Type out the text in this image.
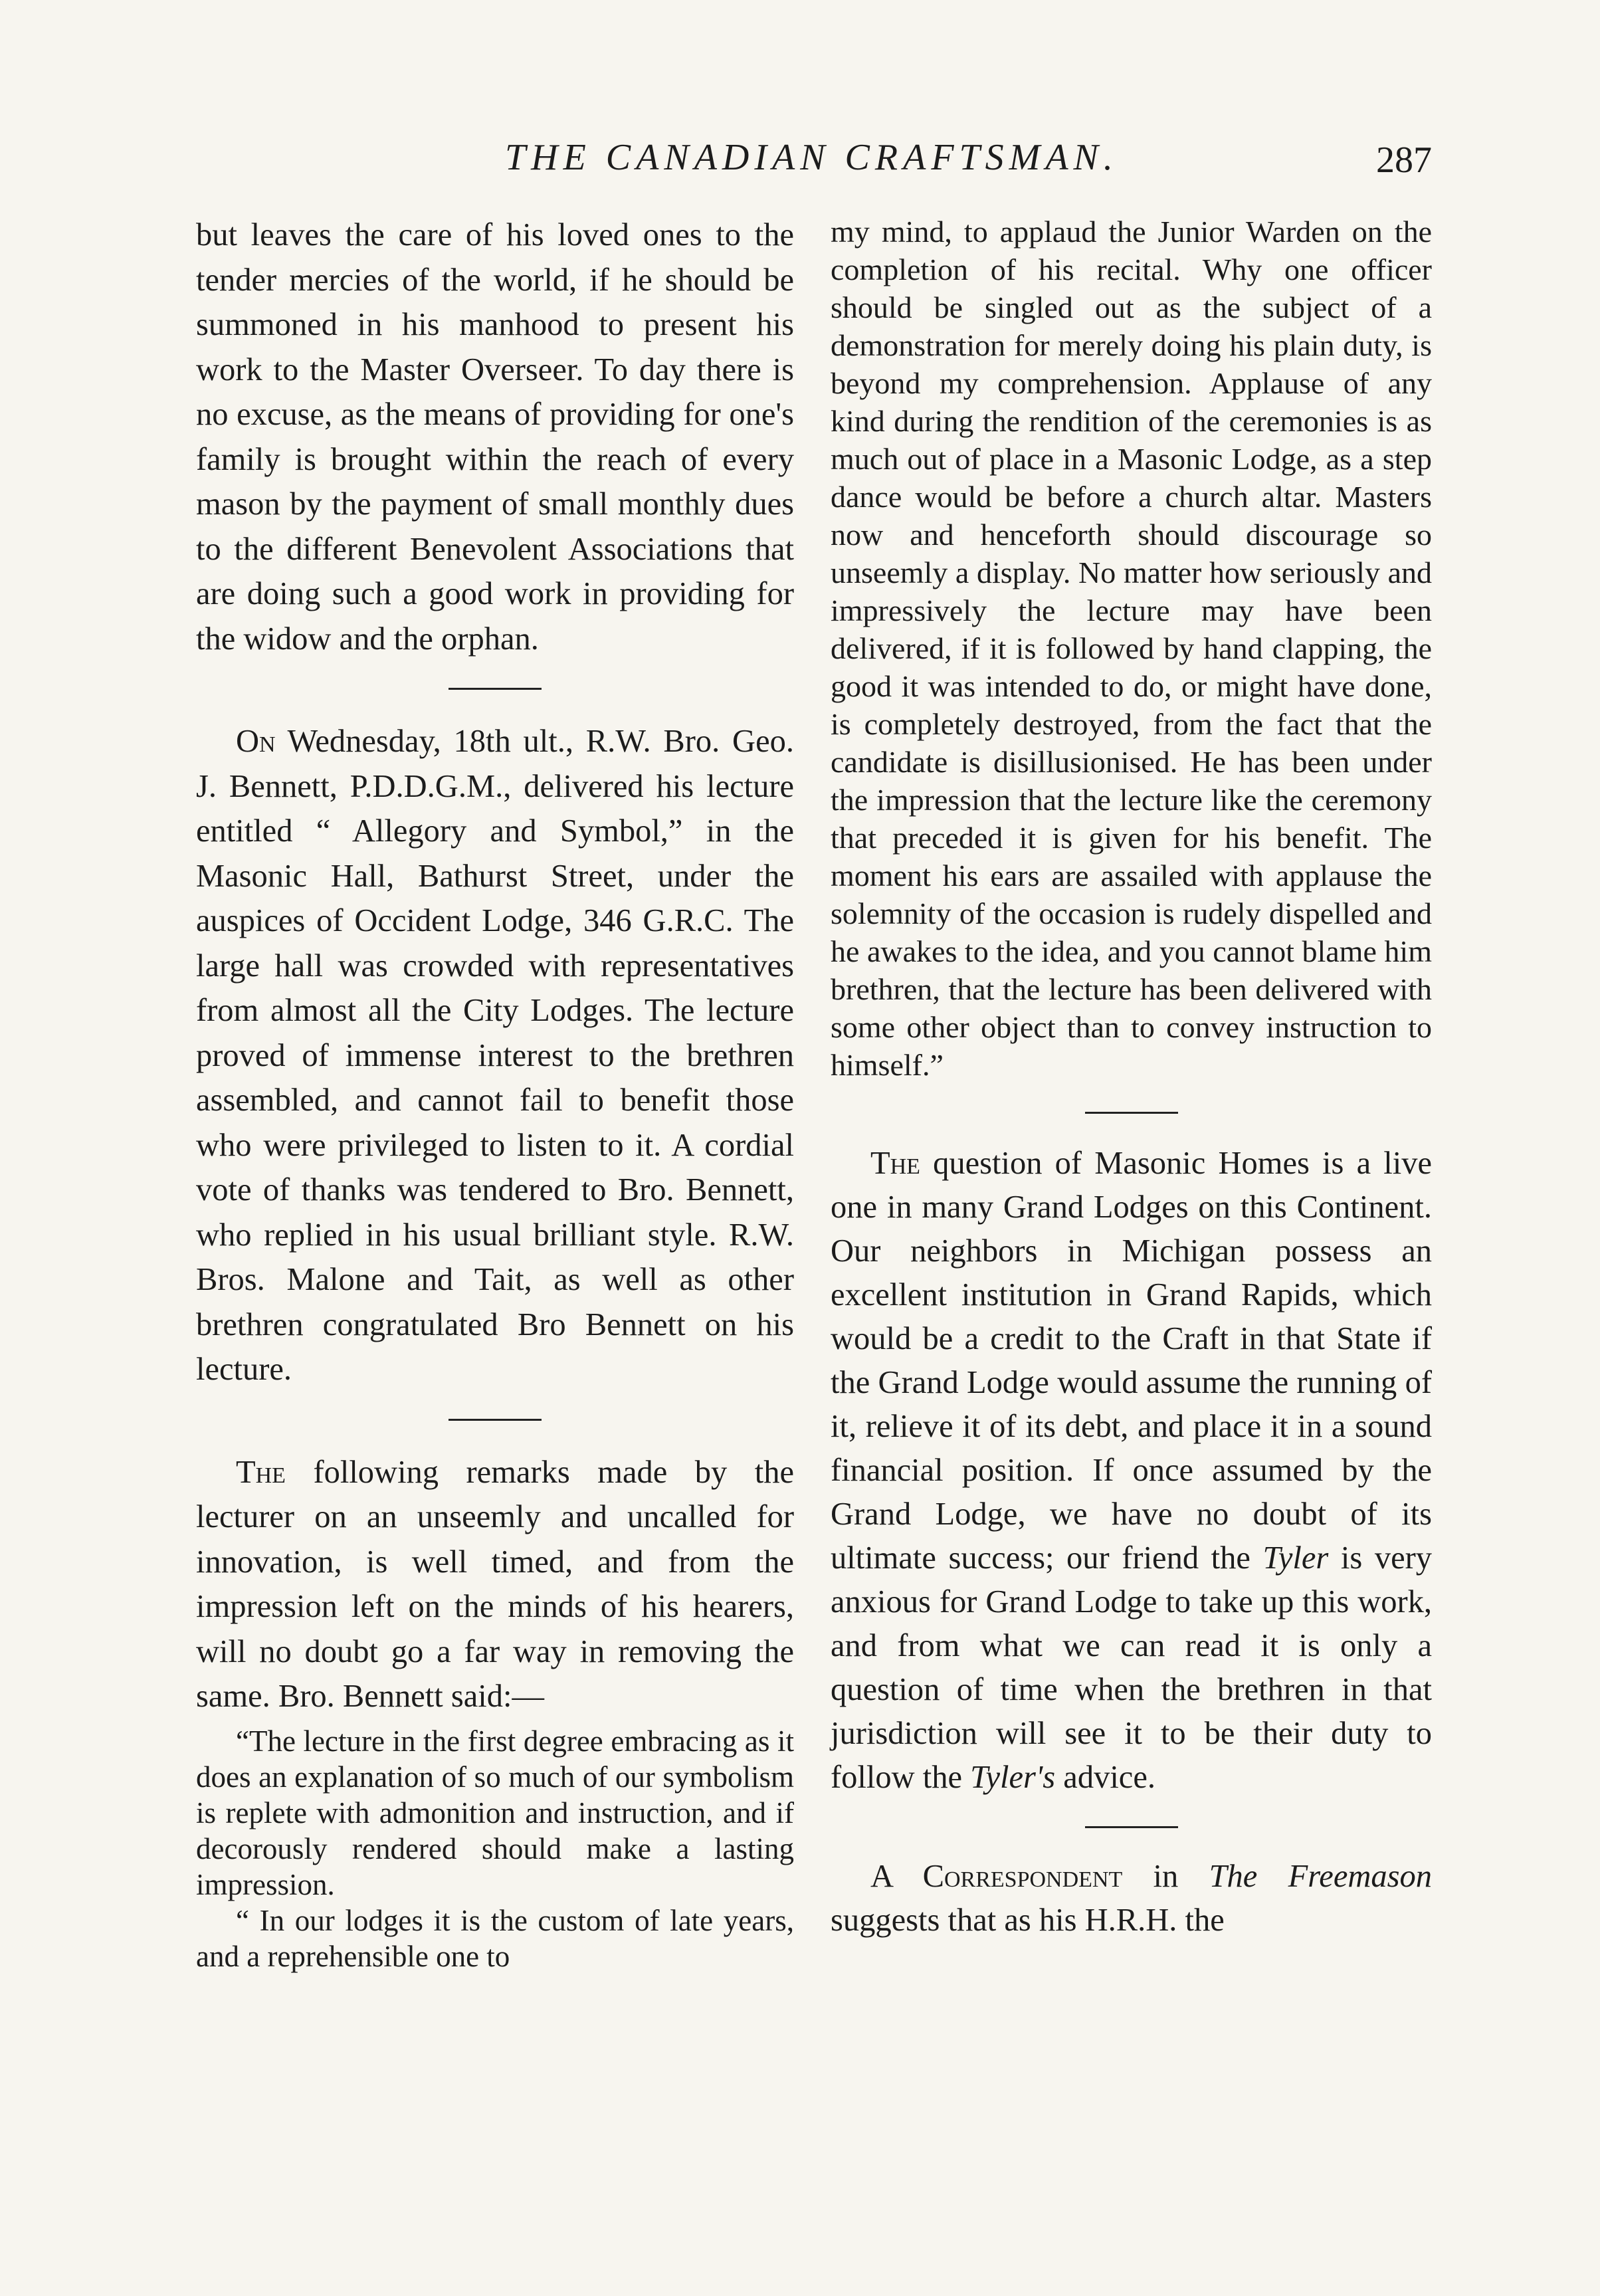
THE CANADIAN CRAFTSMAN.	287

but leaves the care of his loved ones to the tender mercies of the world, if he should be summoned in his manhood to present his work to the Master Overseer. To day there is no excuse, as the means of providing for one's family is brought within the reach of every mason by the payment of small monthly dues to the different Benevolent Associations that are doing such a good work in providing for the widow and the orphan.

On Wednesday, 18th ult., R.W. Bro. Geo. J. Bennett, P.D.D.G.M., delivered his lecture entitled “ Allegory and Symbol,” in the Masonic Hall, Bathurst Street, under the auspices of Occident Lodge, 346 G.R.C. The large hall was crowded with representatives from almost all the City Lodges. The lecture proved of immense interest to the brethren assembled, and cannot fail to benefit those who were privileged to listen to it. A cordial vote of thanks was tendered to Bro. Bennett, who replied in his usual brilliant style. R.W. Bros. Malone and Tait, as well as other brethren congratulated Bro Bennett on his lecture.

The following remarks made by the lecturer on an unseemly and uncalled for innovation, is well timed, and from the impression left on the minds of his hearers, will no doubt go a far way in removing the same. Bro. Bennett said:—

“The lecture in the first degree embracing as it does an explanation of so much of our symbolism is replete with admonition and instruction, and if decorously rendered should make a lasting impression.

“ In our lodges it is the custom of late years, and a reprehensible one to

my mind, to applaud the Junior Warden on the completion of his recital. Why one officer should be singled out as the subject of a demonstration for merely doing his plain duty, is beyond my comprehension. Applause of any kind during the rendition of the ceremonies is as much out of place in a Masonic Lodge, as a step dance would be before a church altar. Masters now and henceforth should discourage so unseemly a display. No matter how seriously and impressively the lecture may have been delivered, if it is followed by hand clapping, the good it was intended to do, or might have done, is completely destroyed, from the fact that the candidate is disillusionised. He has been under the impression that the lecture like the ceremony that preceded it is given for his benefit. The moment his ears are assailed with applause the solemnity of the occasion is rudely dispelled and he awakes to the idea, and you cannot blame him brethren, that the lecture has been delivered with some other object than to convey instruction to himself.”

The question of Masonic Homes is a live one in many Grand Lodges on this Continent. Our neighbors in Michigan possess an excellent institution in Grand Rapids, which would be a credit to the Craft in that State if the Grand Lodge would assume the running of it, relieve it of its debt, and place it in a sound financial position. If once assumed by the Grand Lodge, we have no doubt of its ultimate success; our friend the Tyler is very anxious for Grand Lodge to take up this work, and from what we can read it is only a question of time when the brethren in that jurisdiction will see it to be their duty to follow the Tyler's advice.

A Correspondent in The Freemason suggests that as his H.R.H. the
